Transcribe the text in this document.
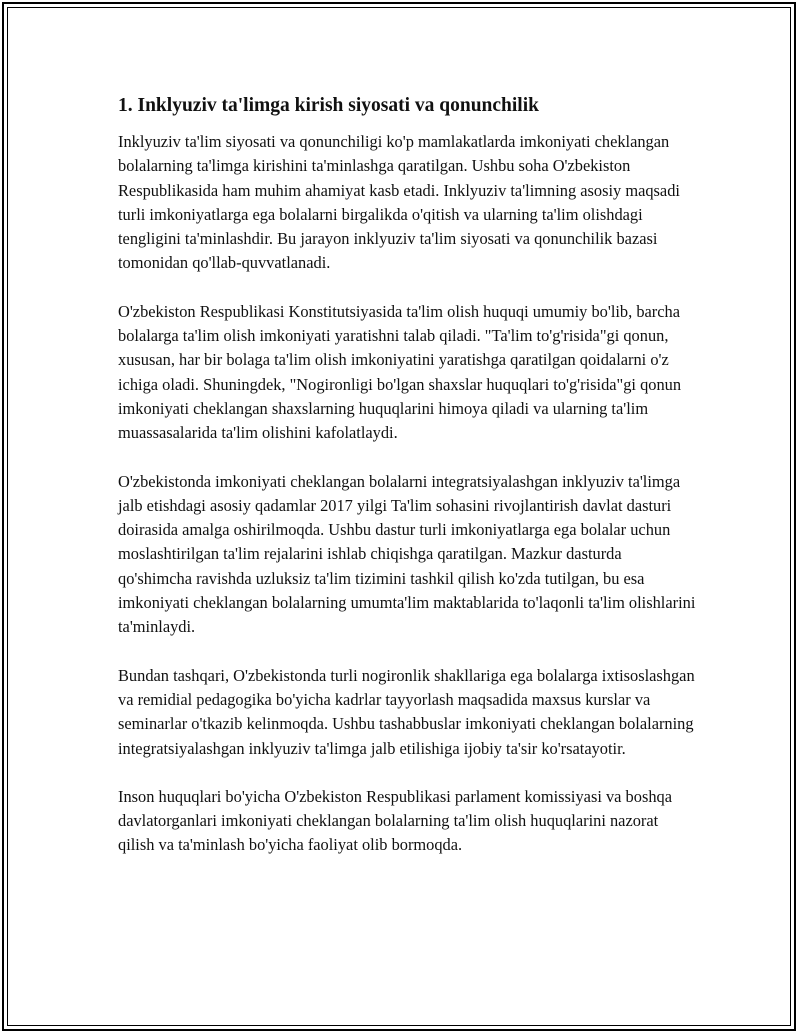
1. Inklyuziv ta'limga kirish siyosati va qonunchilik

Inklyuziv ta'lim siyosati va qonunchiligi ko'p mamlakatlarda imkoniyati cheklangan bolalarning ta'limga kirishini ta'minlashga qaratilgan. Ushbu soha O'zbekiston Respublikasida ham muhim ahamiyat kasb etadi. Inklyuziv ta'limning asosiy maqsadi turli imkoniyatlarga ega bolalarni birgalikda o'qitish va ularning ta'lim olishdagi tengligini ta'minlashdir. Bu jarayon inklyuziv ta'lim siyosati va qonunchilik bazasi tomonidan qo'llab-quvvatlanadi.

O'zbekiston Respublikasi Konstitutsiyasida ta'lim olish huquqi umumiy bo'lib, barcha bolalarga ta'lim olish imkoniyati yaratishni talab qiladi. "Ta'lim to'g'risida"gi qonun, xususan, har bir bolaga ta'lim olish imkoniyatini yaratishga qaratilgan qoidalarni o'z ichiga oladi. Shuningdek, "Nogironligi bo'lgan shaxslar huquqlari to'g'risida"gi qonun imkoniyati cheklangan shaxslarning huquqlarini himoya qiladi va ularning ta'lim muassasalarida ta'lim olishini kafolatlaydi.

O'zbekistonda imkoniyati cheklangan bolalarni integratsiyalashgan inklyuziv ta'limga jalb etishdagi asosiy qadamlar 2017 yilgi Ta'lim sohasini rivojlantirish davlat dasturi doirasida amalga oshirilmoqda. Ushbu dastur turli imkoniyatlarga ega bolalar uchun moslashtirilgan ta'lim rejalarini ishlab chiqishga qaratilgan. Mazkur dasturda qo'shimcha ravishda uzluksiz ta'lim tizimini tashkil qilish ko'zda tutilgan, bu esa imkoniyati cheklangan bolalarning umumta'lim maktablarida to'laqonli ta'lim olishlarini ta'minlaydi.

Bundan tashqari, O'zbekistonda turli nogironlik shakllariga ega bolalarga ixtisoslashgan va remidial pedagogika bo'yicha kadrlar tayyorlash maqsadida maxsus kurslar va seminarlar o'tkazib kelinmoqda. Ushbu tashabbuslar imkoniyati cheklangan bolalarning integratsiyalashgan inklyuziv ta'limga jalb etilishiga ijobiy ta'sir ko'rsatayotir.

Inson huquqlari bo'yicha O'zbekiston Respublikasi parlament komissiyasi va boshqa davlatorganlari imkoniyati cheklangan bolalarning ta'lim olish huquqlarini nazorat qilish va ta'minlash bo'yicha faoliyat olib bormoqda.
